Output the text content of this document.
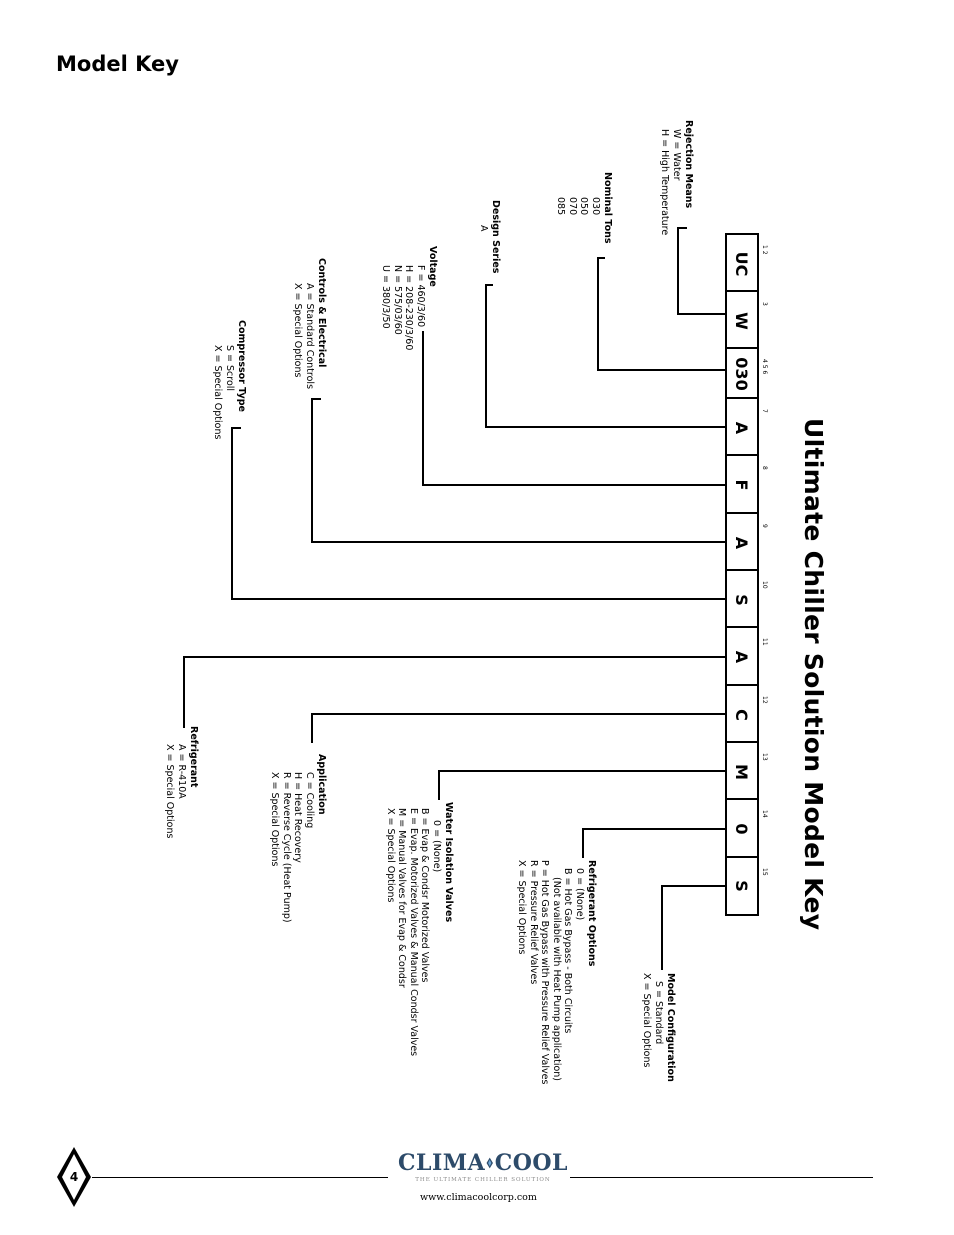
Model Key
Ultimate Chiller Solution Model Key
UC
1 2
W
3
030 4 5 6
A
7
F
8
A
9
S
10
A
11
C
12
M
13
0
14
S
15
Rejection Means
W = Water
H = High Temperature
Nominal Tons
030
050
070
085
Design Series
A
Voltage
F = 460/3/60
H = 208-230/3/60
N = 575/03/60
U = 380/3/50
Controls & Electrical
A = Standard Controls
X = Special Options
Compressor Type
S = Scroll
X = Special Options
Refrigerant
A = R-410A
X = Special Options	Application
C = Cooling
H = Heat Recovery
R = Reverse Cycle (Heat Pump)
X = Special Options	Water Isolation Valves
0 = (None)
B = Evap & Condsr Motorized Valves
E = Evap. Motorized Valves & Manual Condsr Valves
M = Manual Valves for Evap & Condsr
X = Special Options
Refrigerant Options
0 = (None)
B = Hot Gas Bypass - Both Circuits
(Not available with Heat Pump application)
P = Hot Gas Bypass with Pressure Relief Valves
R = Pressure Relief Valves
X = Special Options
Model Configuration
S = Standard
X = Special Options
4
CLIMA COOL
THE ULTIMATE CHILLER SOLUTION
www.climacoolcorp.com
